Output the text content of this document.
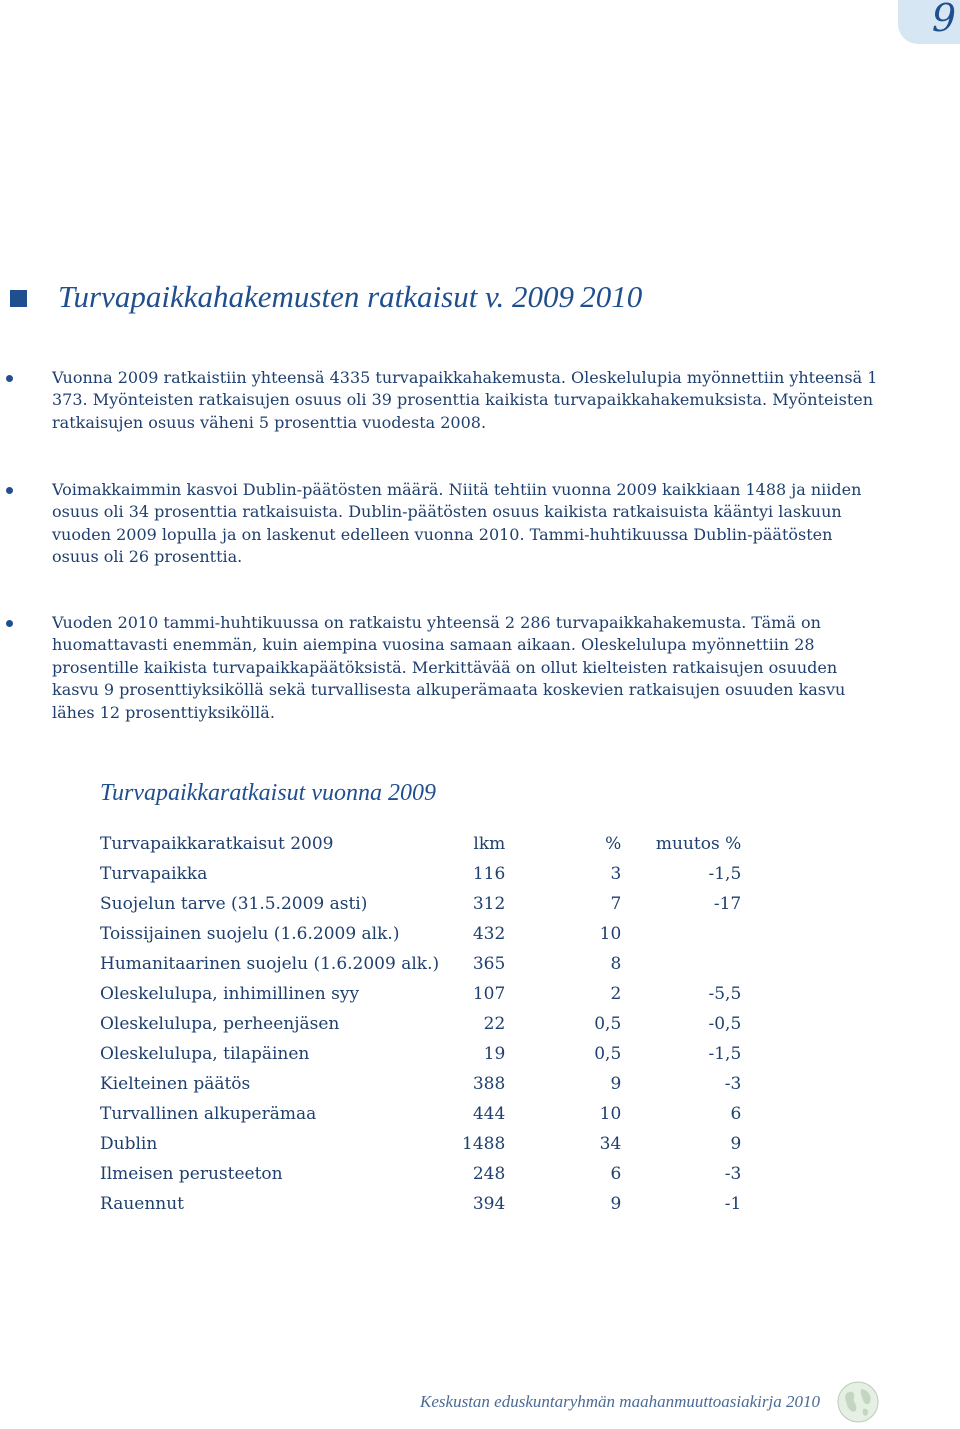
9
Turvapaikkahakemusten ratkaisut v. 2009 2010
Vuonna 2009 ratkaistiin yhteensä 4335 turvapaikkahakemusta. Oleskelulupia myönnettiin yhteensä 1 373. Myönteisten ratkaisujen osuus oli 39 prosenttia kaikista turvapaikkahakemuksista. Myönteisten ratkaisujen osuus väheni 5 prosenttia vuodesta 2008.
Voimakkaimmin kasvoi Dublin-päätösten määrä. Niitä tehtiin vuonna 2009 kaikkiaan 1488 ja niiden osuus oli 34 prosenttia ratkaisuista. Dublin-päätösten osuus kaikista ratkaisuista kääntyi laskuun vuoden 2009 lopulla ja on laskenut edelleen vuonna 2010. Tammi-huhtikuussa Dublin-päätösten osuus oli 26 prosenttia.
Vuoden 2010 tammi-huhtikuussa on ratkaistu yhteensä 2 286 turvapaikkahakemusta. Tämä on huomattavasti enemmän, kuin aiempina vuosina samaan aikaan. Oleskelulupa myönnettiin 28 prosentille kaikista turvapaikkapäätöksistä. Merkittävää on ollut kielteisten ratkaisujen osuuden kasvu 9 prosenttiyksiköllä sekä turvallisesta alkuperämaata koskevien ratkaisujen osuuden kasvu lähes 12 prosenttiyksiköllä.
Turvapaikkaratkaisut vuonna 2009
Turvapaikkaratkaisut 2009	lkm	%	muutos %
Turvapaikka	116	3	-1,5
Suojelun tarve (31.5.2009 asti)	312	7	-17
Toissijainen suojelu (1.6.2009 alk.)	432	10	
Humanitaarinen suojelu (1.6.2009 alk.)	365	8	
Oleskelulupa, inhimillinen syy	107	2	-5,5
Oleskelulupa, perheenjäsen	22	0,5	-0,5
Oleskelulupa, tilapäinen	19	0,5	-1,5
Kielteinen päätös	388	9	-3
Turvallinen alkuperämaa	444	10	6
Dublin	1488	34	9
Ilmeisen perusteeton	248	6	-3
Rauennut	394	9	-1
Keskustan eduskuntaryhmän maahanmuuttoasiakirja 2010
